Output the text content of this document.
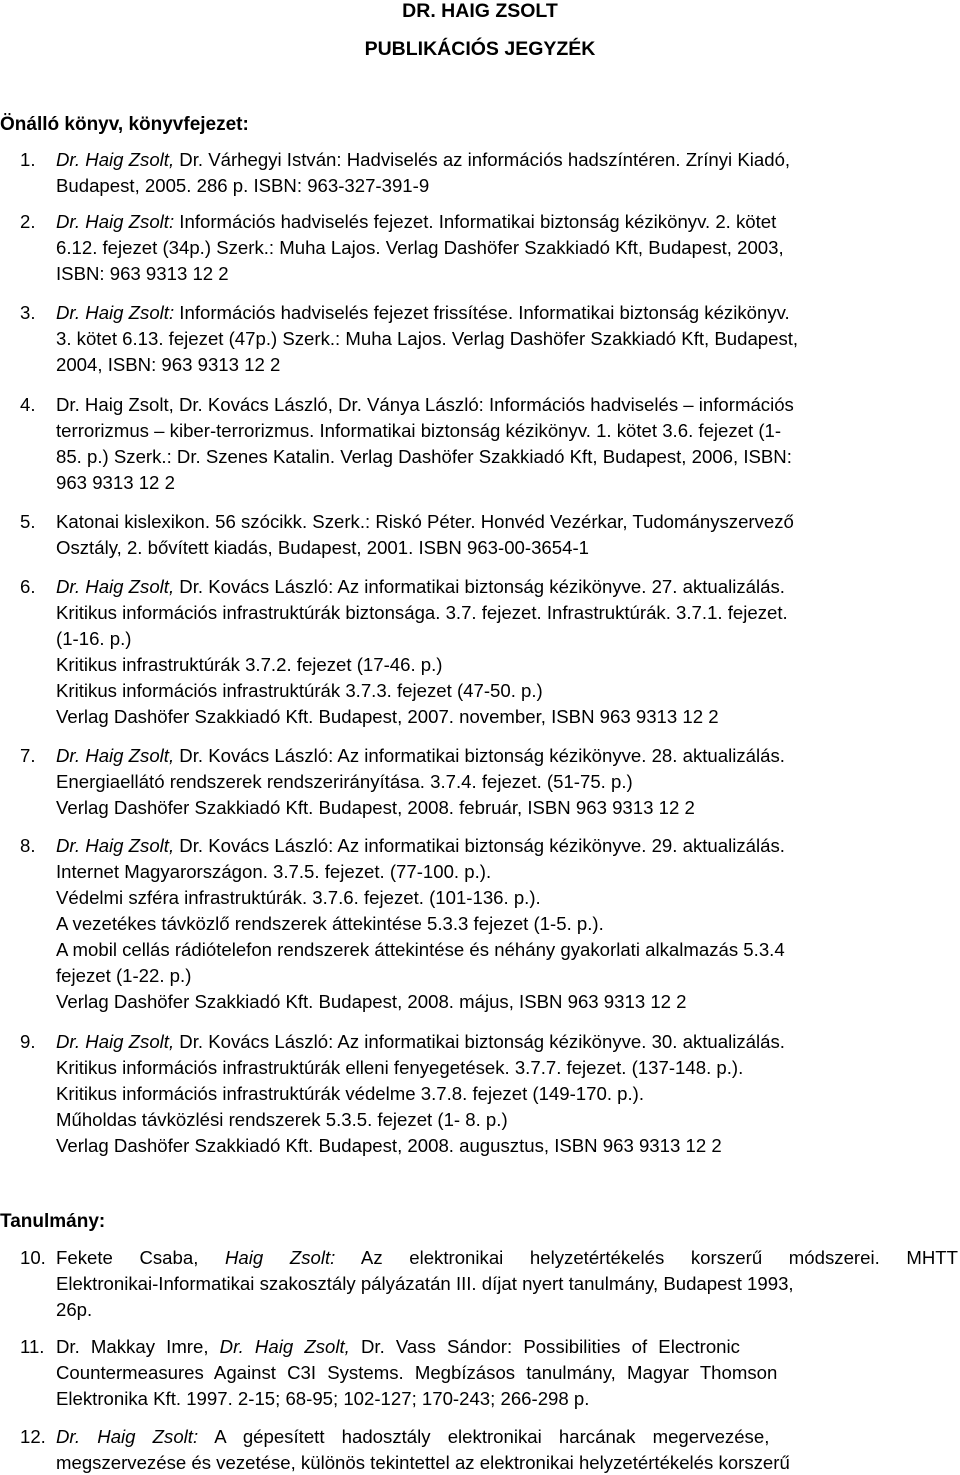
DR. HAIG ZSOLT
PUBLIKÁCIÓS JEGYZÉK
Önálló könyv, könyvfejezet:
1. Dr. Haig Zsolt, Dr. Várhegyi István: Hadviselés az információs hadszíntéren. Zrínyi Kiadó,
Budapest, 2005. 286 p. ISBN: 963-327-391-9
2. Dr. Haig Zsolt: Információs hadviselés fejezet. Informatikai biztonság kézikönyv. 2. kötet
6.12. fejezet (34p.) Szerk.: Muha Lajos. Verlag Dashöfer Szakkiadó Kft, Budapest, 2003,
ISBN: 963 9313 12 2
3. Dr. Haig Zsolt: Információs hadviselés fejezet frissítése. Informatikai biztonság kézikönyv.
3. kötet 6.13. fejezet (47p.) Szerk.: Muha Lajos. Verlag Dashöfer Szakkiadó Kft, Budapest,
2004, ISBN: 963 9313 12 2
4. Dr. Haig Zsolt, Dr. Kovács László, Dr. Ványa László: Információs hadviselés – információs
terrorizmus – kiber-terrorizmus. Informatikai biztonság kézikönyv. 1. kötet 3.6. fejezet (1-
85. p.) Szerk.: Dr. Szenes Katalin. Verlag Dashöfer Szakkiadó Kft, Budapest, 2006, ISBN:
963 9313 12 2
5. Katonai kislexikon. 56 szócikk. Szerk.: Riskó Péter. Honvéd Vezérkar, Tudományszervező
Osztály, 2. bővített kiadás, Budapest, 2001. ISBN 963-00-3654-1
6. Dr. Haig Zsolt, Dr. Kovács László: Az informatikai biztonság kézikönyve. 27. aktualizálás.
Kritikus információs infrastruktúrák biztonsága. 3.7. fejezet. Infrastruktúrák. 3.7.1. fejezet.
(1-16. p.)
Kritikus infrastruktúrák 3.7.2. fejezet (17-46. p.)
Kritikus információs infrastruktúrák 3.7.3. fejezet (47-50. p.)
Verlag Dashöfer Szakkiadó Kft. Budapest, 2007. november, ISBN 963 9313 12 2
7. Dr. Haig Zsolt, Dr. Kovács László: Az informatikai biztonság kézikönyve. 28. aktualizálás.
Energiaellátó rendszerek rendszerirányítása. 3.7.4. fejezet. (51-75. p.)
Verlag Dashöfer Szakkiadó Kft. Budapest, 2008. február, ISBN 963 9313 12 2
8. Dr. Haig Zsolt, Dr. Kovács László: Az informatikai biztonság kézikönyve. 29. aktualizálás.
Internet Magyarországon. 3.7.5. fejezet. (77-100. p.).
Védelmi szféra infrastruktúrák. 3.7.6. fejezet. (101-136. p.).
A vezetékes távközlő rendszerek áttekintése 5.3.3 fejezet (1-5. p.).
A mobil cellás rádiótelefon rendszerek áttekintése és néhány gyakorlati alkalmazás 5.3.4
fejezet (1-22. p.)
Verlag Dashöfer Szakkiadó Kft. Budapest, 2008. május, ISBN 963 9313 12 2
9. Dr. Haig Zsolt, Dr. Kovács László: Az informatikai biztonság kézikönyve. 30. aktualizálás.
Kritikus információs infrastruktúrák elleni fenyegetések. 3.7.7. fejezet. (137-148. p.).
Kritikus információs infrastruktúrák védelme 3.7.8. fejezet (149-170. p.).
Műholdas távközlési rendszerek 5.3.5. fejezet (1- 8. p.)
Verlag Dashöfer Szakkiadó Kft. Budapest, 2008. augusztus, ISBN 963 9313 12 2
Tanulmány:
10. Fekete Csaba, Haig Zsolt: Az elektronikai helyzetértékelés korszerű módszerei. MHTT
Elektronikai-Informatikai szakosztály pályázatán III. díjat nyert tanulmány, Budapest 1993,
26p.
11. Dr. Makkay Imre, Dr. Haig Zsolt, Dr. Vass Sándor: Possibilities of Electronic
Countermeasures Against C3I Systems. Megbízásos tanulmány, Magyar Thomson
Elektronika Kft. 1997. 2-15; 68-95; 102-127; 170-243; 266-298 p.
12. Dr. Haig Zsolt: A gépesített hadosztály elektronikai harcának megervezése,
megszervezése és vezetése, különös tekintettel az elektronikai helyzetértékelés korszerű
